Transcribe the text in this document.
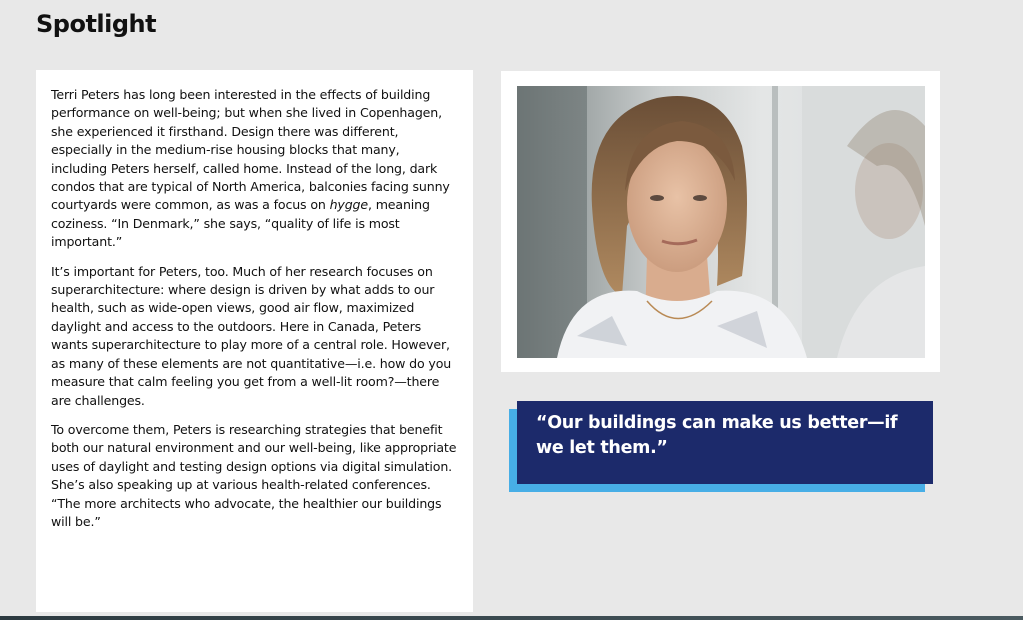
Spotlight

Terri Peters has long been interested in the effects of building performance on well-being; but when she lived in Copenhagen, she experienced it firsthand. Design there was different, especially in the medium-rise housing blocks that many, including Peters herself, called home. Instead of the long, dark condos that are typical of North America, balconies facing sunny courtyards were common, as was a focus on hygge, meaning coziness. “In Denmark,” she says, “quality of life is most important.”

It’s important for Peters, too. Much of her research focuses on superarchitecture: where design is driven by what adds to our health, such as wide-open views, good air flow, maximized daylight and access to the outdoors. Here in Canada, Peters wants superarchitecture to play more of a central role. However, as many of these elements are not quantitative—i.e. how do you measure that calm feeling you get from a well-lit room?—there are challenges.

To overcome them, Peters is researching strategies that benefit both our natural environment and our well-being, like appropriate uses of daylight and testing design options via digital simulation. She’s also speaking up at various health-related conferences. “The more architects who advocate, the healthier our buildings will be.”

“Our buildings can make us better—if we let them.”
